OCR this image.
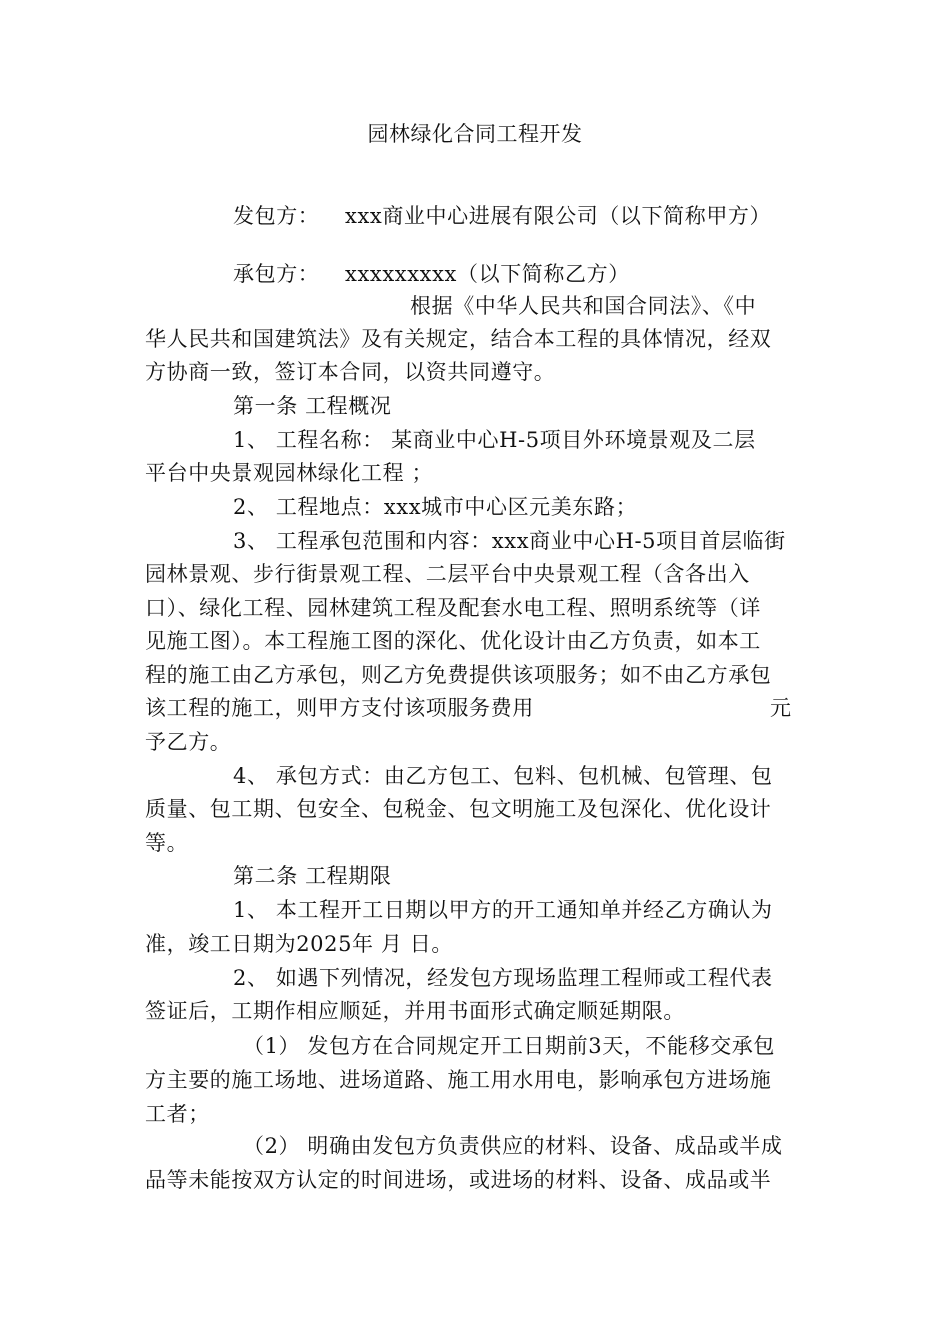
园林绿化合同工程开发
发包方： xxx商业中心进展有限公司（以下简称甲方）
承包方： xxxxxxxxx（以下简称乙方）
根据《中华人民共和国合同法》、《中
华人民共和国建筑法》及有关规定，结合本工程的具体情况，经双
方协商一致，签订本合同，以资共同遵守。
第一条 工程概况
1、 工程名称： 某商业中心H-5项目外环境景观及二层
平台中央景观园林绿化工程 ；
2、 工程地点：xxx城市中心区元美东路；
3、 工程承包范围和内容：xxx商业中心H-5项目首层临街
园林景观、步行街景观工程、二层平台中央景观工程（含各出入
口）、绿化工程、园林建筑工程及配套水电工程、照明系统等（详
见施工图）。本工程施工图的深化、优化设计由乙方负责，如本工
程的施工由乙方承包，则乙方免费提供该项服务；如不由乙方承包
该工程的施工，则甲方支付该项服务费用	元
予乙方。
4、 承包方式：由乙方包工、包料、包机械、包管理、包
质量、包工期、包安全、包税金、包文明施工及包深化、优化设计
等。
第二条 工程期限
1、 本工程开工日期以甲方的开工通知单并经乙方确认为
准，竣工日期为2025年 月 日。
2、 如遇下列情况，经发包方现场监理工程师或工程代表
签证后，工期作相应顺延，并用书面形式确定顺延期限。
（1） 发包方在合同规定开工日期前3天，不能移交承包
方主要的施工场地、进场道路、施工用水用电，影响承包方进场施
工者；
（2） 明确由发包方负责供应的材料、设备、成品或半成
品等未能按双方认定的时间进场，或进场的材料、设备、成品或半
